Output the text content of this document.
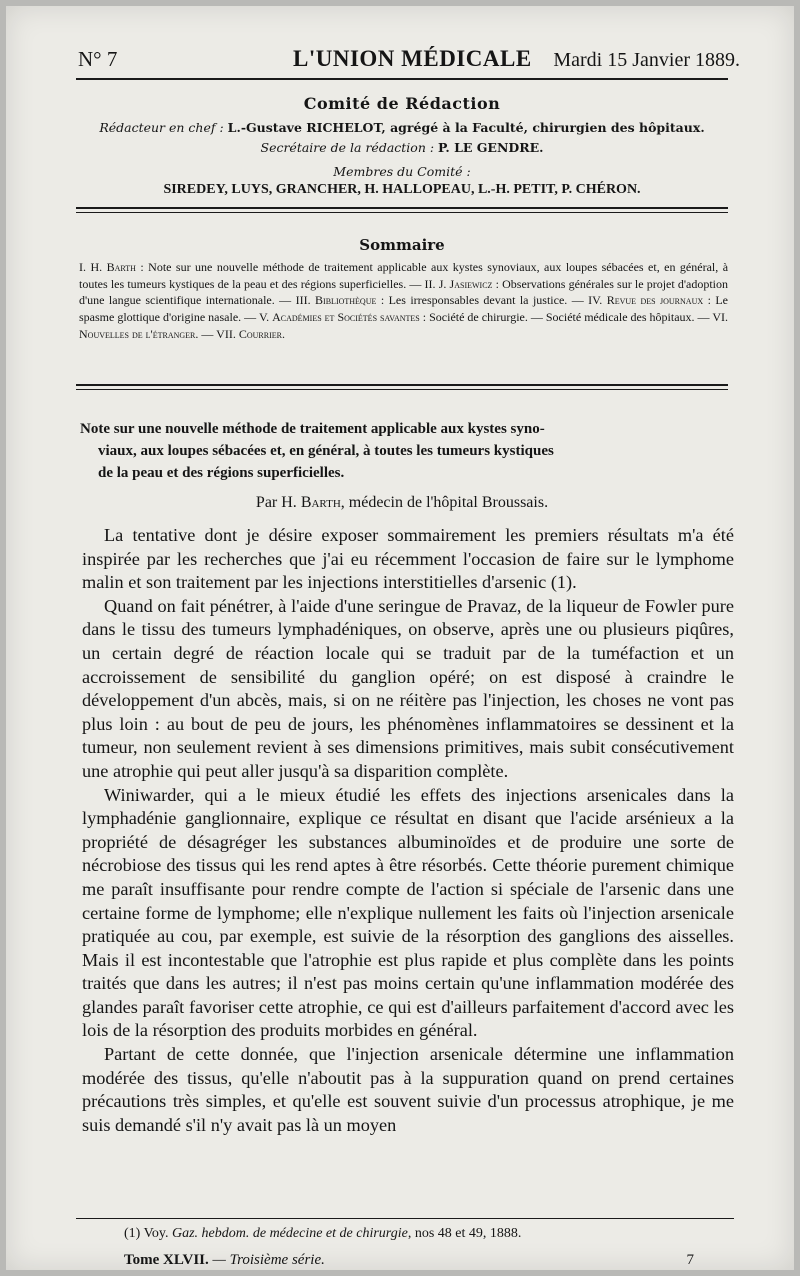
N° 7	L'UNION MÉDICALE Mardi 15 Janvier 1889.
Comité de Rédaction
Rédacteur en chef : L.-Gustave RICHELOT, agrégé à la Faculté, chirurgien des hôpitaux.
Secrétaire de la rédaction : P. LE GENDRE.
Membres du Comité :
SIREDEY, LUYS, GRANCHER, H. HALLOPEAU, L.-H. PETIT, P. CHÉRON.
Sommaire
I. H. Barth : Note sur une nouvelle méthode de traitement applicable aux kystes synoviaux, aux loupes sébacées et, en général, à toutes les tumeurs kystiques de la peau et des régions superficielles. — II. J. Jasiewicz : Observations générales sur le projet d'adoption d'une langue scientifique internationale. — III. Bibliothèque : Les irresponsables devant la justice. — IV. Revue des journaux : Le spasme glottique d'origine nasale. — V. Académies et Sociétés savantes : Société de chirurgie. — Société médicale des hôpitaux. — VI. Nouvelles de l'étranger. — VII. Courrier.
Note sur une nouvelle méthode de traitement applicable aux kystes syno-
viaux, aux loupes sébacées et, en général, à toutes les tumeurs kystiques
de la peau et des régions superficielles.
Par H. Barth, médecin de l'hôpital Broussais.

La tentative dont je désire exposer sommairement les premiers résultats m'a été inspirée par les recherches que j'ai eu récemment l'occasion de faire sur le lymphome malin et son traitement par les injections interstitielles d'arsenic (1).

Quand on fait pénétrer, à l'aide d'une seringue de Pravaz, de la liqueur de Fowler pure dans le tissu des tumeurs lymphadéniques, on observe, après une ou plusieurs piqûres, un certain degré de réaction locale qui se traduit par de la tuméfaction et un accroissement de sensibilité du ganglion opéré; on est disposé à craindre le développement d'un abcès, mais, si on ne réitère pas l'injection, les choses ne vont pas plus loin : au bout de peu de jours, les phénomènes inflammatoires se dessinent et la tumeur, non seulement revient à ses dimensions primitives, mais subit consécutivement une atrophie qui peut aller jusqu'à sa disparition complète.

Winiwarder, qui a le mieux étudié les effets des injections arsenicales dans la lymphadénie ganglionnaire, explique ce résultat en disant que l'acide arsénieux a la propriété de désagréger les substances albuminoïdes et de produire une sorte de nécrobiose des tissus qui les rend aptes à être résorbés. Cette théorie purement chimique me paraît insuffisante pour rendre compte de l'action si spéciale de l'arsenic dans une certaine forme de lymphome; elle n'explique nullement les faits où l'injection arsenicale pratiquée au cou, par exemple, est suivie de la résorption des ganglions des aisselles. Mais il est incontestable que l'atrophie est plus rapide et plus complète dans les points traités que dans les autres; il n'est pas moins certain qu'une inflammation modérée des glandes paraît favoriser cette atrophie, ce qui est d'ailleurs parfaitement d'accord avec les lois de la résorption des produits morbides en général.

Partant de cette donnée, que l'injection arsenicale détermine une inflammation modérée des tissus, qu'elle n'aboutit pas à la suppuration quand on prend certaines précautions très simples, et qu'elle est souvent suivie d'un processus atrophique, je me suis demandé s'il n'y avait pas là un moyen

(1) Voy. Gaz. hebdom. de médecine et de chirurgie, nos 48 et 49, 1888.
Tome XLVII.
— Troisième série.	7
